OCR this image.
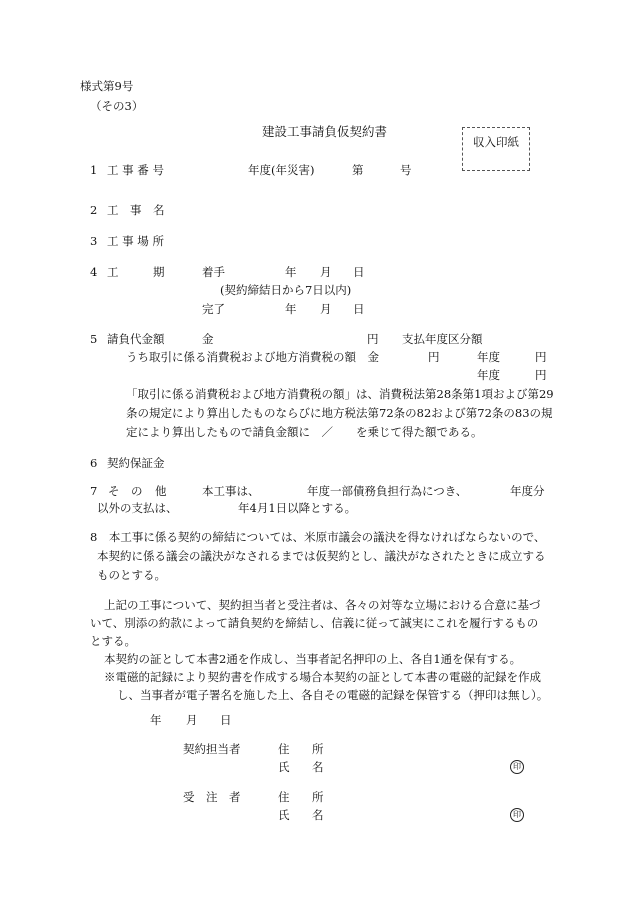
様式第9号
（その3）
建設工事請負仮契約書
収入印紙
1 工 事 番 号	年度(年災害)	第	号
2 工　事　名
3 工 事 場 所
4 工	期	着手	年 月 日
(契約締結日から7日以内)
完了	年 月 日
5 請負代金額	金	円 支払年度区分額
うち取引に係る消費税および地方消費税の額　金	円	年度	円
年度	円
「取引に係る消費税および地方消費税の額」は、消費税法第28条第1項および第29
条の規定により算出したものならびに地方税法第72条の82および第72条の83の規
定により算出したもので請負金額に　／　　を乗じて得た額である。
6 契約保証金
7 そ の 他	本工事は、	年度一部債務負担行為につき、	年度分
以外の支払は、	年4月1日以降とする。
8　本工事に係る契約の締結については、米原市議会の議決を得なければならないので、
本契約に係る議会の議決がなされるまでは仮契約とし、議決がなされたときに成立する
ものとする。
上記の工事について、契約担当者と受注者は、各々の対等な立場における合意に基づ
いて、別添の約款によって請負契約を締結し、信義に従って誠実にこれを履行するもの
とする。
本契約の証として本書2通を作成し、当事者記名押印の上、各自1通を保有する。
※電磁的記録により契約書を作成する場合本契約の証として本書の電磁的記録を作成
し、当事者が電子署名を施した上、各自その電磁的記録を保管する（押印は無し）。
年 月 日
契約担当者	住 所
氏 名	印
受　注　者	住 所
氏 名	印
